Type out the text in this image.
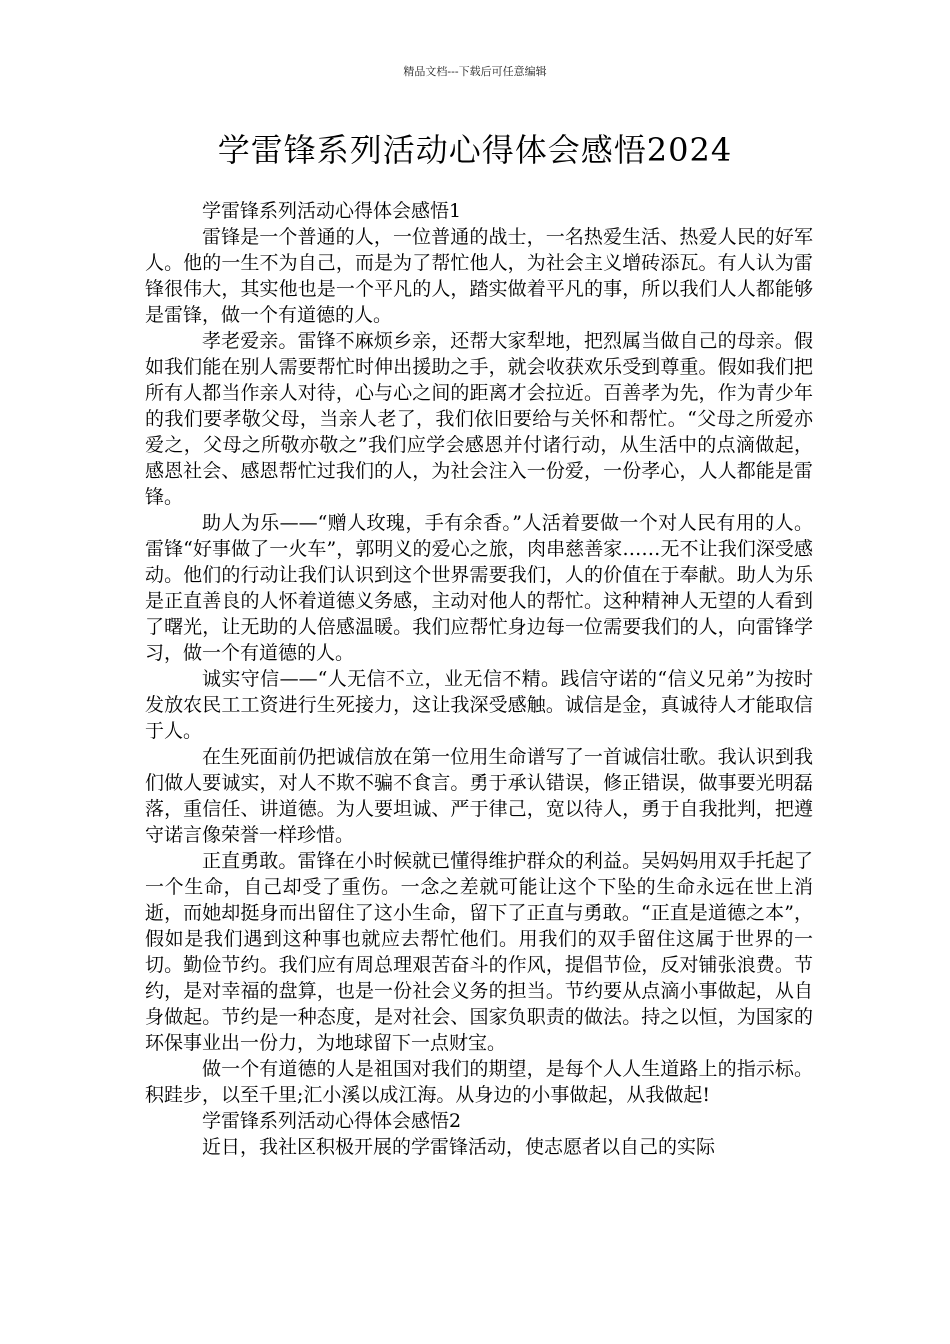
精品文档---下载后可任意编辑
学雷锋系列活动心得体会感悟2024

学雷锋系列活动心得体会感悟1

雷锋是一个普通的人，一位普通的战士，一名热爱生活、热爱人民的好军人。他的一生不为自己，而是为了帮忙他人，为社会主义增砖添瓦。有人认为雷锋很伟大，其实他也是一个平凡的人，踏实做着平凡的事，所以我们人人都能够是雷锋，做一个有道德的人。

孝老爱亲。雷锋不麻烦乡亲，还帮大家犁地，把烈属当做自己的母亲。假如我们能在别人需要帮忙时伸出援助之手，就会收获欢乐受到尊重。假如我们把所有人都当作亲人对待，心与心之间的距离才会拉近。百善孝为先，作为青少年的我们要孝敬父母，当亲人老了，我们依旧要给与关怀和帮忙。“父母之所爱亦爱之，父母之所敬亦敬之”我们应学会感恩并付诸行动，从生活中的点滴做起，感恩社会、感恩帮忙过我们的人，为社会注入一份爱，一份孝心，人人都能是雷锋。

助人为乐——“赠人玫瑰，手有余香。”人活着要做一个对人民有用的人。雷锋“好事做了一火车”，郭明义的爱心之旅，肉串慈善家……无不让我们深受感动。他们的行动让我们认识到这个世界需要我们，人的价值在于奉献。助人为乐是正直善良的人怀着道德义务感，主动对他人的帮忙。这种精神人无望的人看到了曙光，让无助的人倍感温暖。我们应帮忙身边每一位需要我们的人，向雷锋学习，做一个有道德的人。

诚实守信——“人无信不立，业无信不精。践信守诺的“信义兄弟”为按时发放农民工工资进行生死接力，这让我深受感触。诚信是金，真诚待人才能取信于人。

在生死面前仍把诚信放在第一位用生命谱写了一首诚信壮歌。我认识到我们做人要诚实，对人不欺不骗不食言。勇于承认错误，修正错误，做事要光明磊落，重信任、讲道德。为人要坦诚、严于律己，宽以待人，勇于自我批判，把遵守诺言像荣誉一样珍惜。

正直勇敢。雷锋在小时候就已懂得维护群众的利益。吴妈妈用双手托起了一个生命，自己却受了重伤。一念之差就可能让这个下坠的生命永远在世上消逝，而她却挺身而出留住了这小生命，留下了正直与勇敢。“正直是道德之本”，假如是我们遇到这种事也就应去帮忙他们。用我们的双手留住这属于世界的一切。勤俭节约。我们应有周总理艰苦奋斗的作风，提倡节俭，反对铺张浪费。节约，是对幸福的盘算，也是一份社会义务的担当。节约要从点滴小事做起，从自身做起。节约是一种态度，是对社会、国家负职责的做法。持之以恒，为国家的环保事业出一份力，为地球留下一点财宝。

做一个有道德的人是祖国对我们的期望，是每个人人生道路上的指示标。积跬步，以至千里;汇小溪以成江海。从身边的小事做起，从我做起!

学雷锋系列活动心得体会感悟2

近日，我社区积极开展的学雷锋活动，使志愿者以自己的实际
